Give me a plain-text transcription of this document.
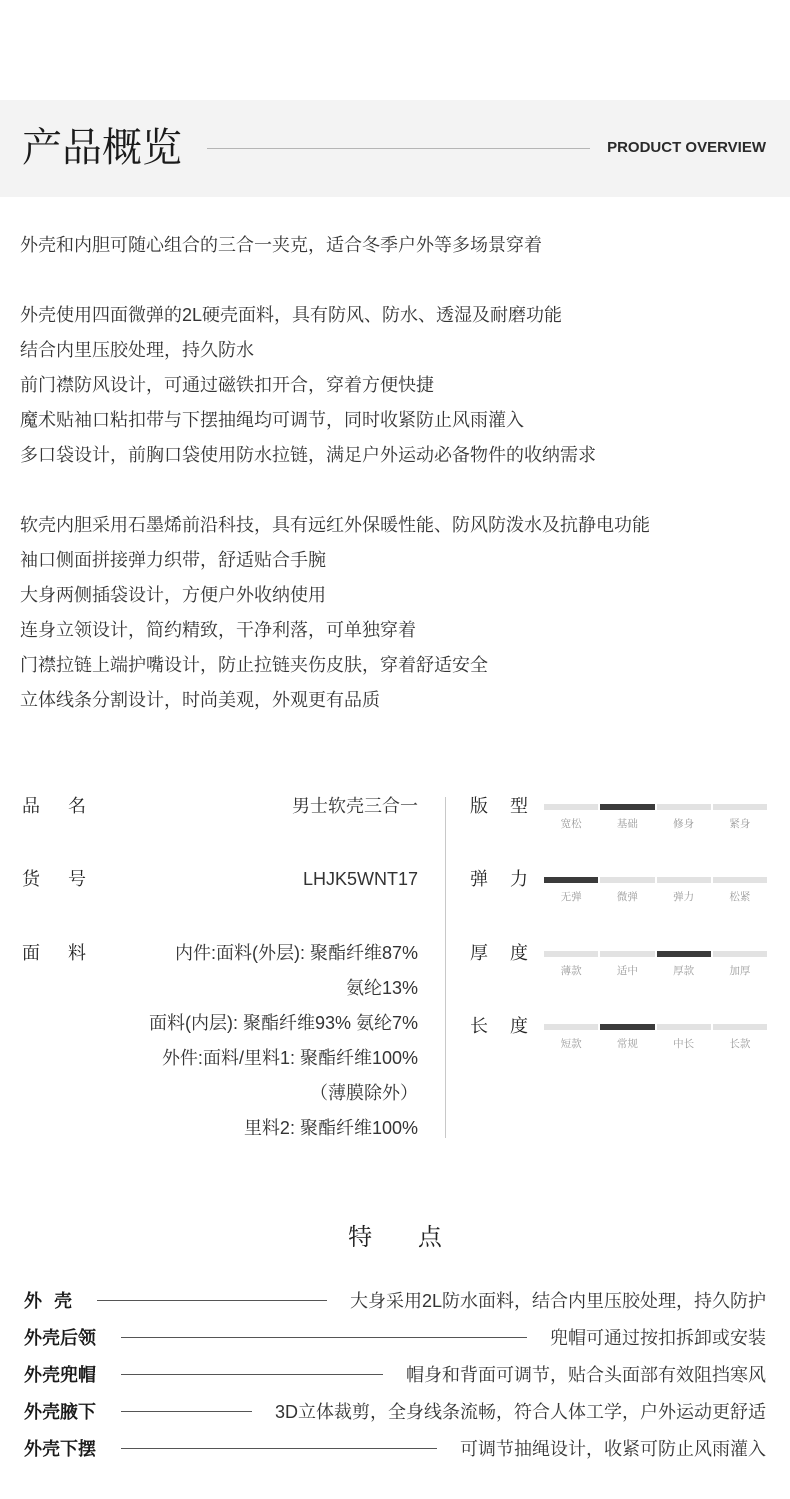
产品概览	PRODUCT OVERVIEW

外壳和内胆可随心组合的三合一夹克，适合冬季户外等多场景穿着

外壳使用四面微弹的2L硬壳面料，具有防风、防水、透湿及耐磨功能

结合内里压胶处理，持久防水

前门襟防风设计，可通过磁铁扣开合，穿着方便快捷

魔术贴袖口粘扣带与下摆抽绳均可调节，同时收紧防止风雨灌入

多口袋设计，前胸口袋使用防水拉链，满足户外运动必备物件的收纳需求

软壳内胆采用石墨烯前沿科技，具有远红外保暖性能、防风防泼水及抗静电功能

袖口侧面拼接弹力织带，舒适贴合手腕

大身两侧插袋设计，方便户外收纳使用

连身立领设计，简约精致，干净利落，可单独穿着

门襟拉链上端护嘴设计，防止拉链夹伤皮肤，穿着舒适安全

立体线条分割设计，时尚美观，外观更有品质

品 名	男士软壳三合一
货 号	LHJK5WNT17
面 料	内件:面料(外层): 聚酯纤维87%
氨纶13%
面料(内层): 聚酯纤维93% 氨纶7%
外件:面料/里料1: 聚酯纤维100%
（薄膜除外）
里料2: 聚酯纤维100%
版 型
宽松	基础	修身	紧身
弹 力
无弹	微弹	弹力	松紧
厚 度
薄款	适中	厚款	加厚
长 度
短款	常规	中长	长款
特 点
外 壳	大身采用2L防水面料，结合内里压胶处理，持久防护
外壳后领	兜帽可通过按扣拆卸或安装
外壳兜帽	帽身和背面可调节，贴合头面部有效阻挡寒风
外壳腋下	3D立体裁剪，全身线条流畅，符合人体工学，户外运动更舒适
外壳下摆	可调节抽绳设计，收紧可防止风雨灌入
